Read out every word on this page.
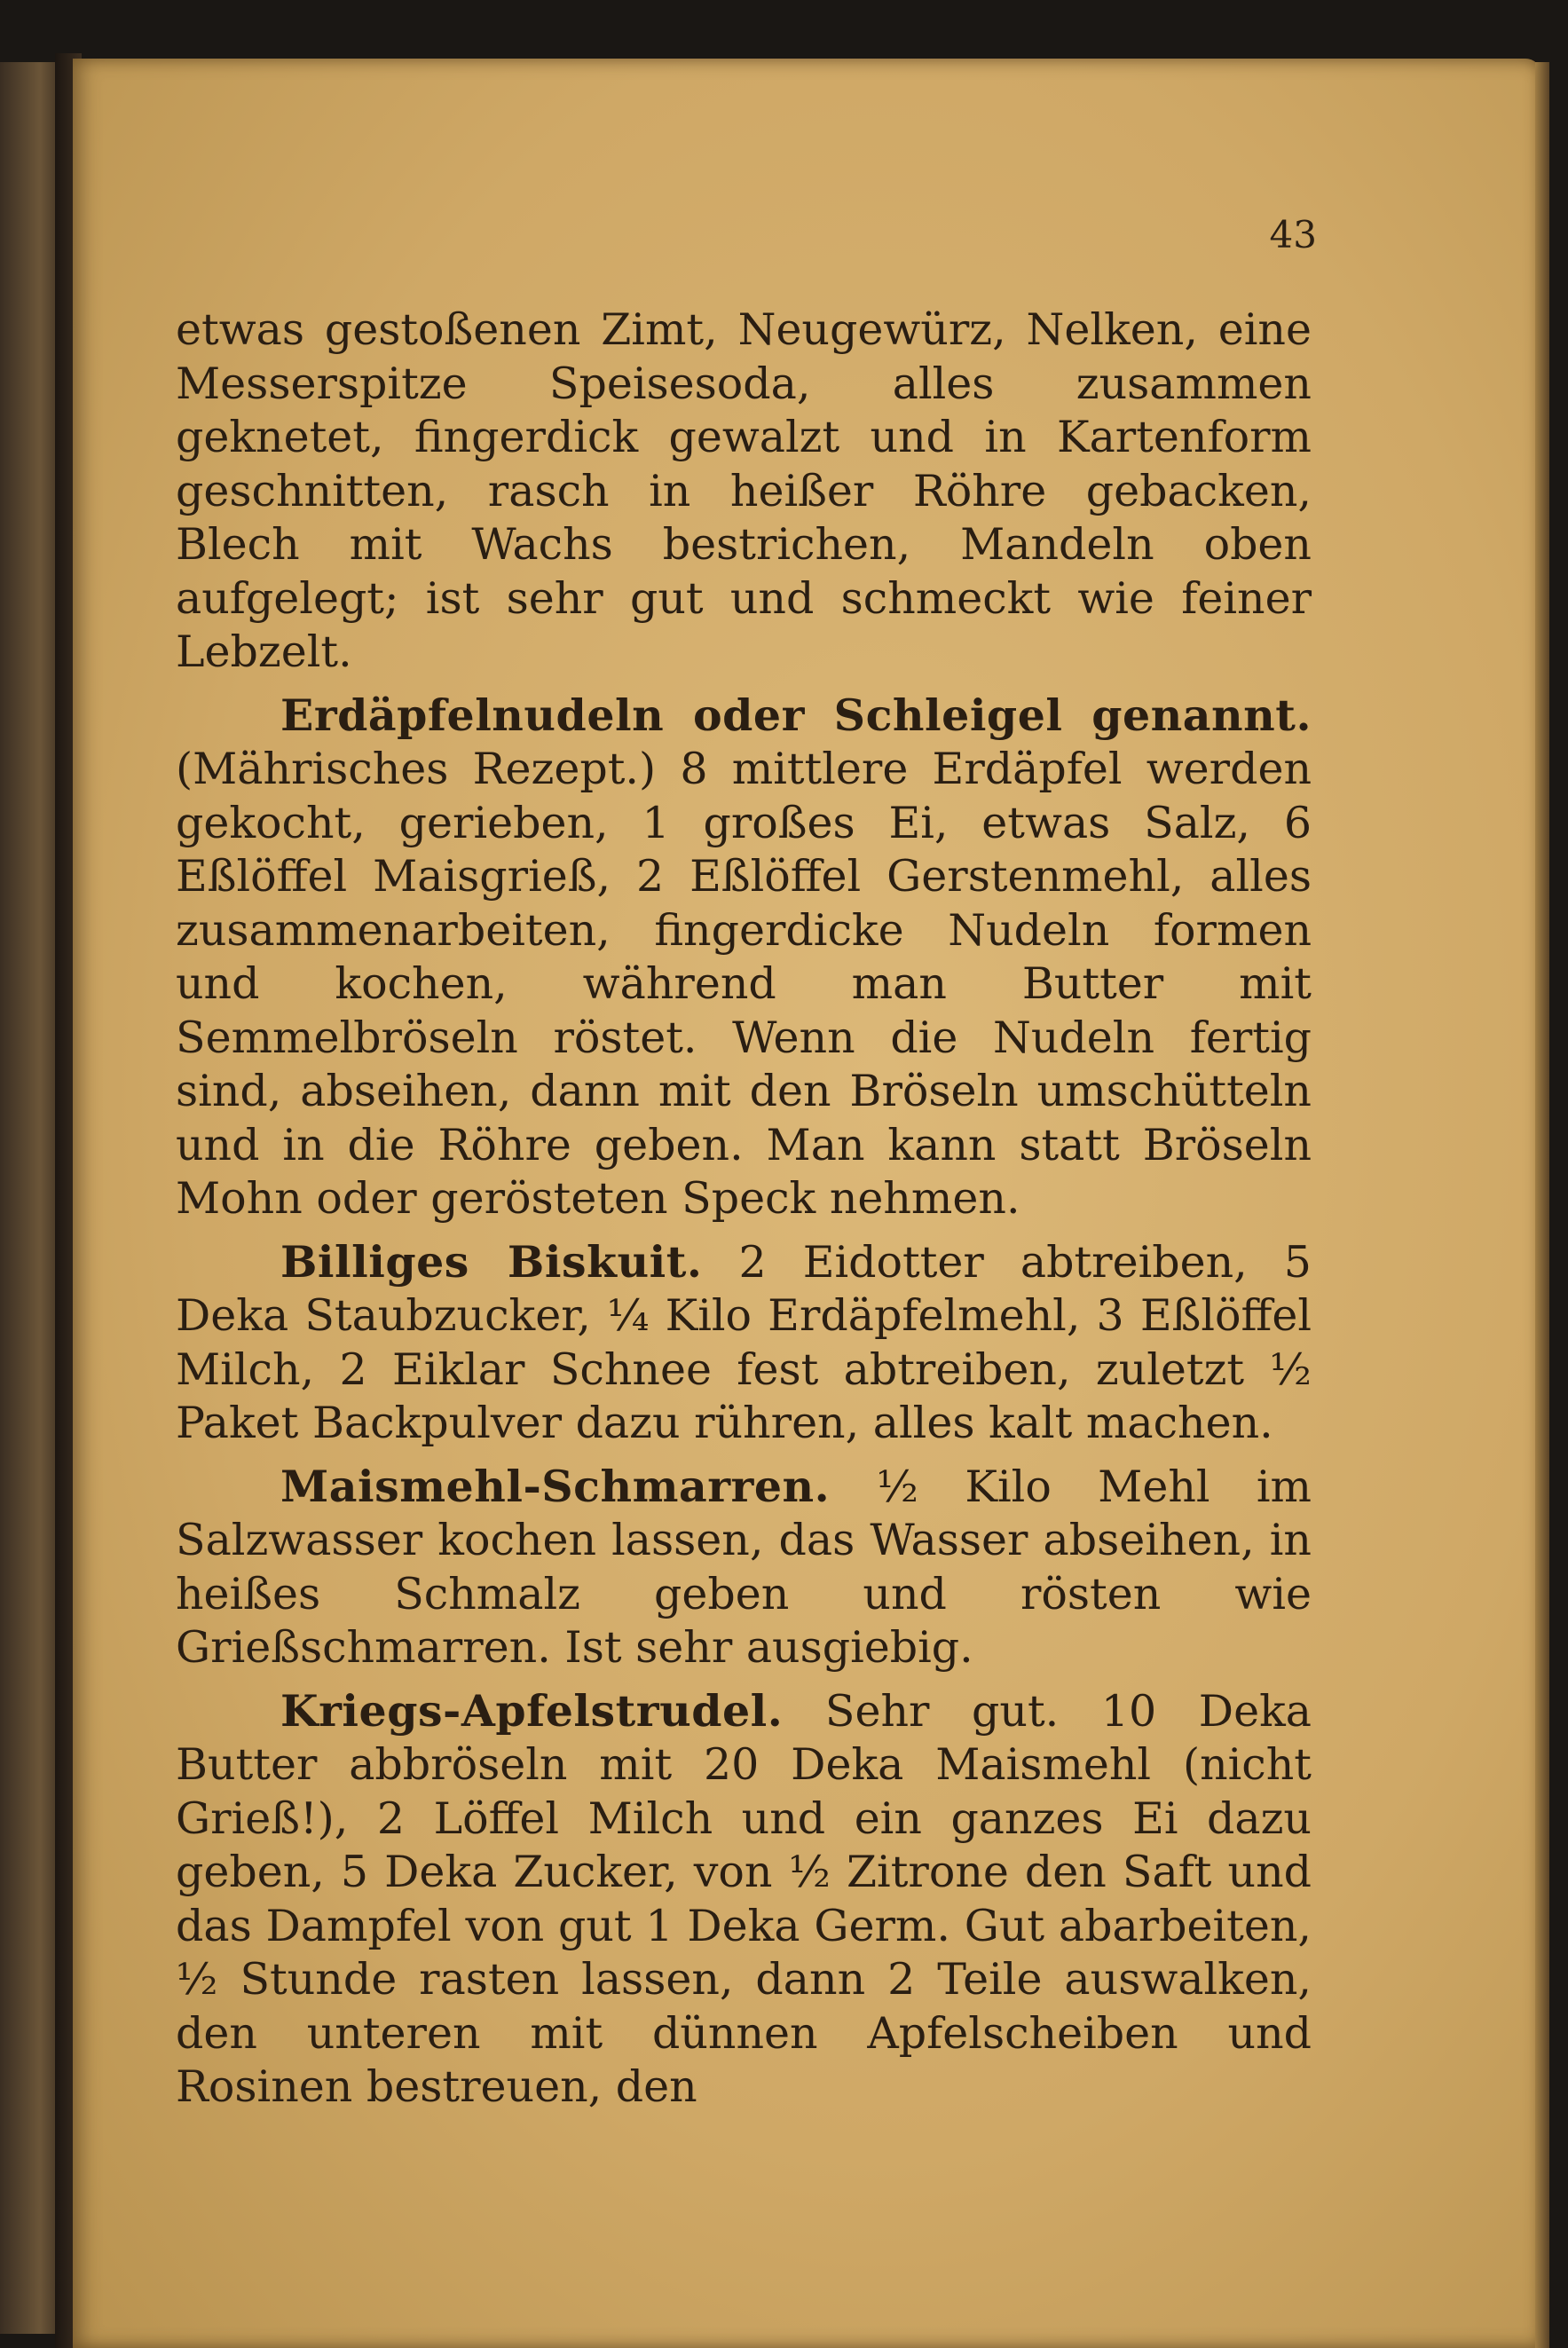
43

etwas gestoßenen Zimt, Neugewürz, Nelken, eine Messerspitze Speisesoda, alles zusammen geknetet, fingerdick gewalzt und in Kartenform geschnitten, rasch in heißer Röhre gebacken, Blech mit Wachs bestrichen, Mandeln oben aufgelegt; ist sehr gut und schmeckt wie feiner Lebzelt.

Erdäpfelnudeln oder Schleigel genannt. (Mährisches Rezept.) 8 mittlere Erdäpfel werden gekocht, gerieben, 1 großes Ei, etwas Salz, 6 Eßlöffel Maisgrieß, 2 Eßlöffel Gerstenmehl, alles zusammenarbeiten, fingerdicke Nudeln formen und kochen, während man Butter mit Semmelbröseln röstet. Wenn die Nudeln fertig sind, abseihen, dann mit den Bröseln umschütteln und in die Röhre geben. Man kann statt Bröseln Mohn oder gerösteten Speck nehmen.

Billiges Biskuit. 2 Eidotter abtreiben, 5 Deka Staubzucker, ¼ Kilo Erdäpfelmehl, 3 Eßlöffel Milch, 2 Eiklar Schnee fest abtreiben, zuletzt ½ Paket Backpulver dazu rühren, alles kalt machen.

Maismehl-Schmarren. ½ Kilo Mehl im Salzwasser kochen lassen, das Wasser abseihen, in heißes Schmalz geben und rösten wie Grießschmarren. Ist sehr ausgiebig.

Kriegs-Apfelstrudel. Sehr gut. 10 Deka Butter abbröseln mit 20 Deka Maismehl (nicht Grieß!), 2 Löffel Milch und ein ganzes Ei dazu geben, 5 Deka Zucker, von ½ Zitrone den Saft und das Dampfel von gut 1 Deka Germ. Gut abarbeiten, ½ Stunde rasten lassen, dann 2 Teile auswalken, den unteren mit dünnen Apfelscheiben und Rosinen bestreuen, den
